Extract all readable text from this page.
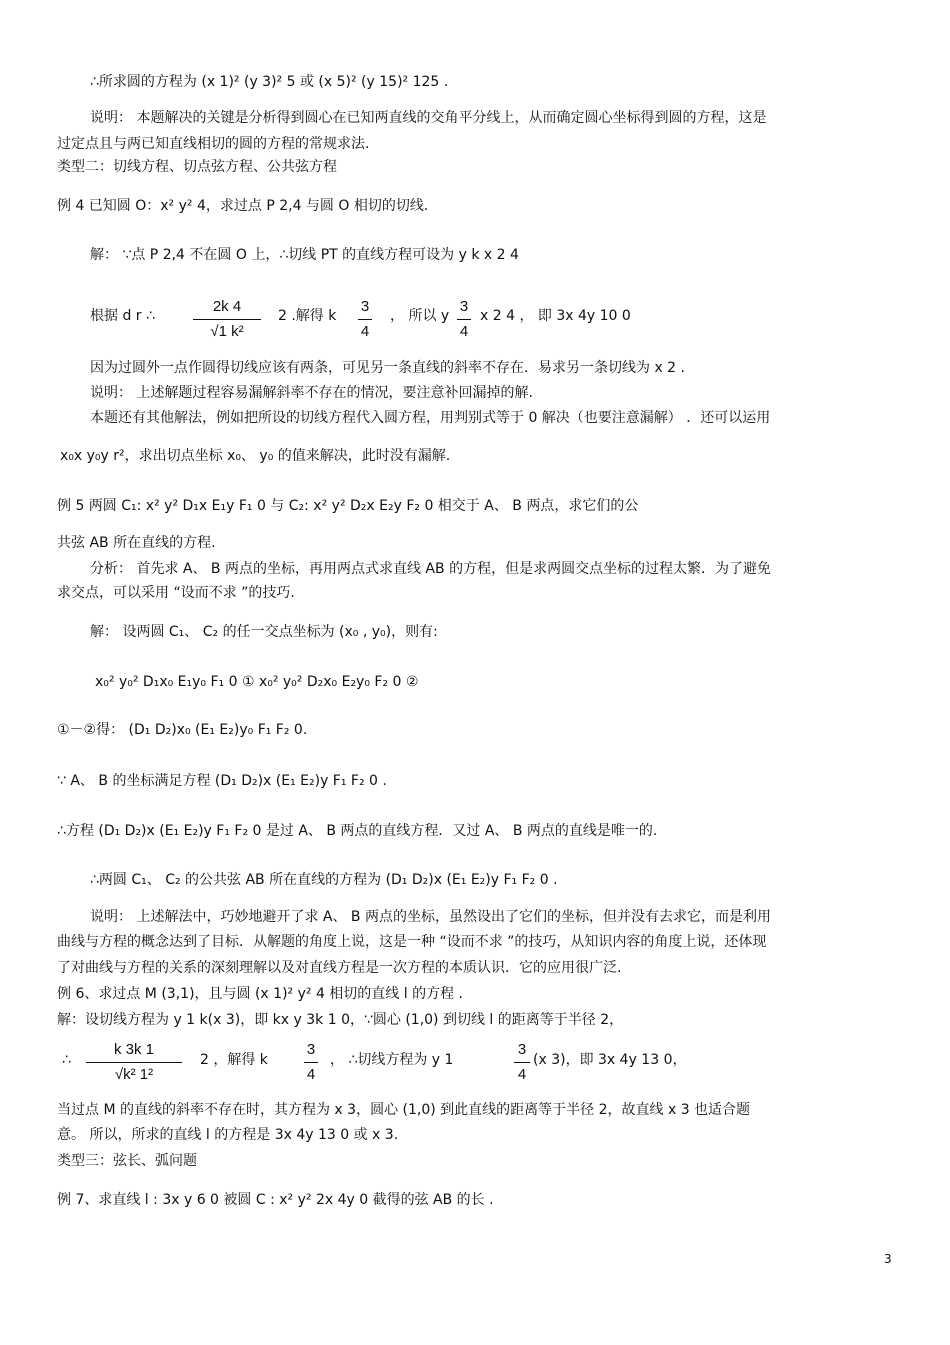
∴所求圆的方程为 (x 1)² (y 3)² 5 或 (x 5)² (y 15)² 125 .
说明： 本题解决的关键是分析得到圆心在已知两直线的交角平分线上，从而确定圆心坐标得到圆的方程，这是
过定点且与两已知直线相切的圆的方程的常规求法.
类型二：切线方程、切点弦方程、公共弦方程
例 4 已知圆 O：x² y² 4，求过点 P 2,4 与圆 O 相切的切线.
解： ∵点 P 2,4 不在圆 O 上，∴切线 PT 的直线方程可设为 y k x 2 4
根据 d r ∴	2 .解得 k	， 所以 y x 2 4 ， 即 3x 4y 10 0
因为过圆外一点作圆得切线应该有两条，可见另一条直线的斜率不存在．易求另一条切线为 x 2 .
说明： 上述解题过程容易漏解斜率不存在的情况，要注意补回漏掉的解.
本题还有其他解法，例如把所设的切线方程代入圆方程，用判别式等于 0 解决（也要注意漏解） ．还可以运用
x₀x y₀y r²，求出切点坐标 x₀、 y₀ 的值来解决，此时没有漏解.
例 5 两圆 C₁: x² y² D₁x E₁y F₁ 0 与 C₂: x² y² D₂x E₂y F₂ 0 相交于 A、 B 两点，求它们的公
共弦 AB 所在直线的方程.
分析： 首先求 A、 B 两点的坐标，再用两点式求直线 AB 的方程，但是求两圆交点坐标的过程太繁．为了避免
求交点，可以采用 “设而不求 ”的技巧.
解： 设两圆 C₁、 C₂ 的任一交点坐标为 (x₀ , y₀)，则有:
x₀² y₀² D₁x₀ E₁y₀ F₁ 0 ① x₀² y₀² D₂x₀ E₂y₀ F₂ 0 ②
①－②得： (D₁ D₂)x₀ (E₁ E₂)y₀ F₁ F₂ 0.
∵ A、 B 的坐标满足方程 (D₁ D₂)x (E₁ E₂)y F₁ F₂ 0 .
∴方程 (D₁ D₂)x (E₁ E₂)y F₁ F₂ 0 是过 A、 B 两点的直线方程．又过 A、 B 两点的直线是唯一的.
∴两圆 C₁、 C₂ 的公共弦 AB 所在直线的方程为 (D₁ D₂)x (E₁ E₂)y F₁ F₂ 0 .
说明： 上述解法中，巧妙地避开了求 A、 B 两点的坐标，虽然设出了它们的坐标，但并没有去求它，而是利用
曲线与方程的概念达到了目标．从解题的角度上说，这是一种 “设而不求 ”的技巧，从知识内容的角度上说，还体现
了对曲线与方程的关系的深刻理解以及对直线方程是一次方程的本质认识．它的应用很广泛.
例 6、求过点 M (3,1)，且与圆 (x 1)² y² 4 相切的直线 l 的方程 .
解：设切线方程为 y 1 k(x 3)，即 kx y 3k 1 0，∵圆心 (1,0) 到切线 l 的距离等于半径 2，
∴	2 ，解得 k	， ∴切线方程为 y 1	(x 3)，即 3x 4y 13 0，
当过点 M 的直线的斜率不存在时，其方程为 x 3，圆心 (1,0) 到此直线的距离等于半径 2，故直线 x 3 也适合题
意。 所以，所求的直线 l 的方程是 3x 4y 13 0 或 x 3.
类型三：弦长、弧问题
例 7、求直线 l : 3x y 6 0 被圆 C : x² y² 2x 4y 0 截得的弦 AB 的长 .
2k 4
√1 k²
3
4
3
4
k 3k 1
√k² 1²
3
4
3
4
3
